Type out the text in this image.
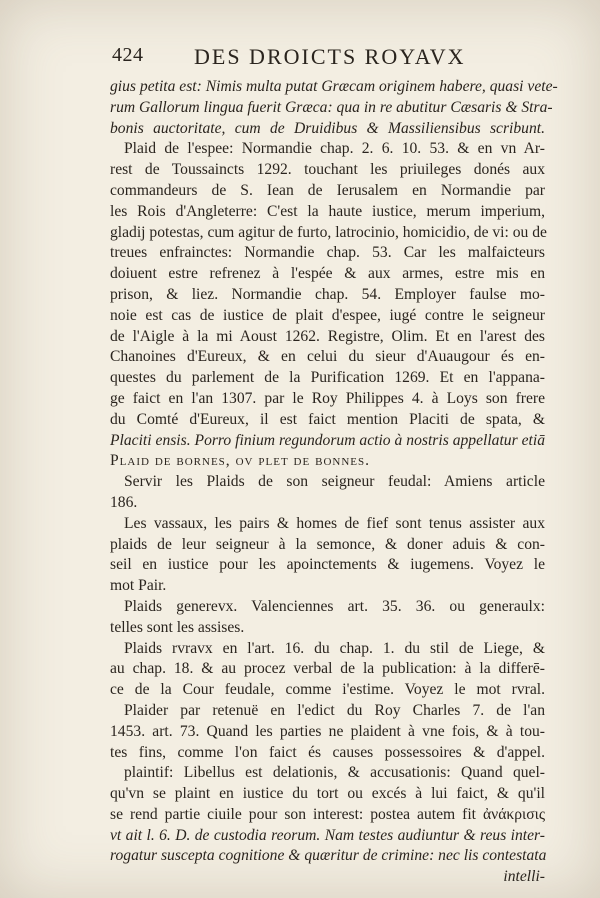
424 DES DROICTS ROYAVX
gius petita est: Nimis multa putat Græcam originem habere, quasi vete-
rum Gallorum lingua fuerit Græca: qua in re abutitur Cæsaris & Stra-
bonis auctoritate, cum de Druidibus & Massiliensibus scribunt.
Plaid de l'espee: Normandie chap. 2. 6. 10. 53. & en vn Ar-
rest de Toussaincts 1292. touchant les priuileges donés aux
commandeurs de S. Iean de Ierusalem en Normandie par
les Rois d'Angleterre: C'est la haute iustice, merum imperium,
gladij potestas, cum agitur de furto, latrocinio, homicidio, de vi: ou de
treues enfrainctes: Normandie chap. 53. Car les malfaicteurs
doiuent estre refrenez à l'espée & aux armes, estre mis en
prison, & liez. Normandie chap. 54. Employer faulse mo-
noie est cas de iustice de plait d'espee, iugé contre le seigneur
de l'Aigle à la mi Aoust 1262. Registre, Olim. Et en l'arest des
Chanoines d'Eureux, & en celui du sieur d'Auaugour és en-
questes du parlement de la Purification 1269. Et en l'appana-
ge faict en l'an 1307. par le Roy Philippes 4. à Loys son frere
du Comté d'Eureux, il est faict mention Placiti de spata, &
Placiti ensis. Porro finium regundorum actio à nostris appellatur etiā
Plaid de bornes, ov plet de bonnes.
Servir les Plaids de son seigneur feudal: Amiens article
186.
Les vassaux, les pairs & homes de fief sont tenus assister aux
plaids de leur seigneur à la semonce, & doner aduis & con-
seil en iustice pour les apoinctements & iugemens. Voyez le
mot Pair.
Plaids generevx. Valenciennes art. 35. 36. ou generaulx:
telles sont les assises.
Plaids rvravx en l'art. 16. du chap. 1. du stil de Liege, &
au chap. 18. & au procez verbal de la publication: à la differē-
ce de la Cour feudale, comme i'estime. Voyez le mot rvral.
Plaider par retenuë en l'edict du Roy Charles 7. de l'an
1453. art. 73. Quand les parties ne plaident à vne fois, & à tou-
tes fins, comme l'on faict és causes possessoires & d'appel.
plaintif: Libellus est delationis, & accusationis: Quand quel-
qu'vn se plaint en iustice du tort ou excés à lui faict, & qu'il
se rend partie ciuile pour son interest: postea autem fit ἀνάκρισις
vt ait l. 6. D. de custodia reorum. Nam testes audiuntur & reus inter-
rogatur suscepta cognitione & quæritur de crimine: nec lis contestata
intelli-
